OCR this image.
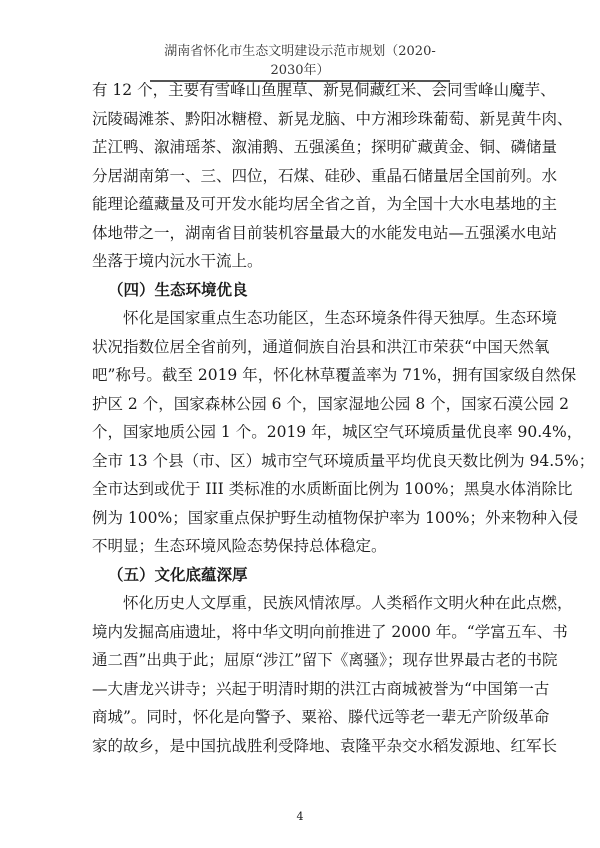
湖南省怀化市生态文明建设示范市规划（2020-2030年）
有 12 个，主要有雪峰山鱼腥草、新晃侗藏红米、会同雪峰山魔芋、
沅陵碣滩茶、黔阳冰糖橙、新晃龙脑、中方湘珍珠葡萄、新晃黄牛肉、
芷江鸭、溆浦瑶茶、溆浦鹅、五强溪鱼；探明矿藏黄金、铜、磷储量
分居湖南第一、三、四位，石煤、硅砂、重晶石储量居全国前列。水
能理论蕴藏量及可开发水能均居全省之首，为全国十大水电基地的主
体地带之一，湖南省目前装机容量最大的水能发电站—五强溪水电站
坐落于境内沅水干流上。
（四）生态环境优良
怀化是国家重点生态功能区，生态环境条件得天独厚。生态环境
状况指数位居全省前列，通道侗族自治县和洪江市荣获“中国天然氧
吧”称号。截至 2019 年，怀化林草覆盖率为 71%，拥有国家级自然保
护区 2 个，国家森林公园 6 个，国家湿地公园 8 个，国家石漠公园 2
个，国家地质公园 1 个。2019 年，城区空气环境质量优良率 90.4%，
全市 13 个县（市、区）城市空气环境质量平均优良天数比例为 94.5%；
全市达到或优于 III 类标准的水质断面比例为 100%；黑臭水体消除比
例为 100%；国家重点保护野生动植物保护率为 100%；外来物种入侵
不明显；生态环境风险态势保持总体稳定。
（五）文化底蕴深厚
怀化历史人文厚重，民族风情浓厚。人类稻作文明火种在此点燃，
境内发掘高庙遗址，将中华文明向前推进了 2000 年。“学富五车、书
通二酉”出典于此；屈原“涉江”留下《离骚》；现存世界最古老的书院
—大唐龙兴讲寺；兴起于明清时期的洪江古商城被誉为“中国第一古
商城”。同时，怀化是向警予、粟裕、滕代远等老一辈无产阶级革命
家的故乡，是中国抗战胜利受降地、袁隆平杂交水稻发源地、红军长
4
